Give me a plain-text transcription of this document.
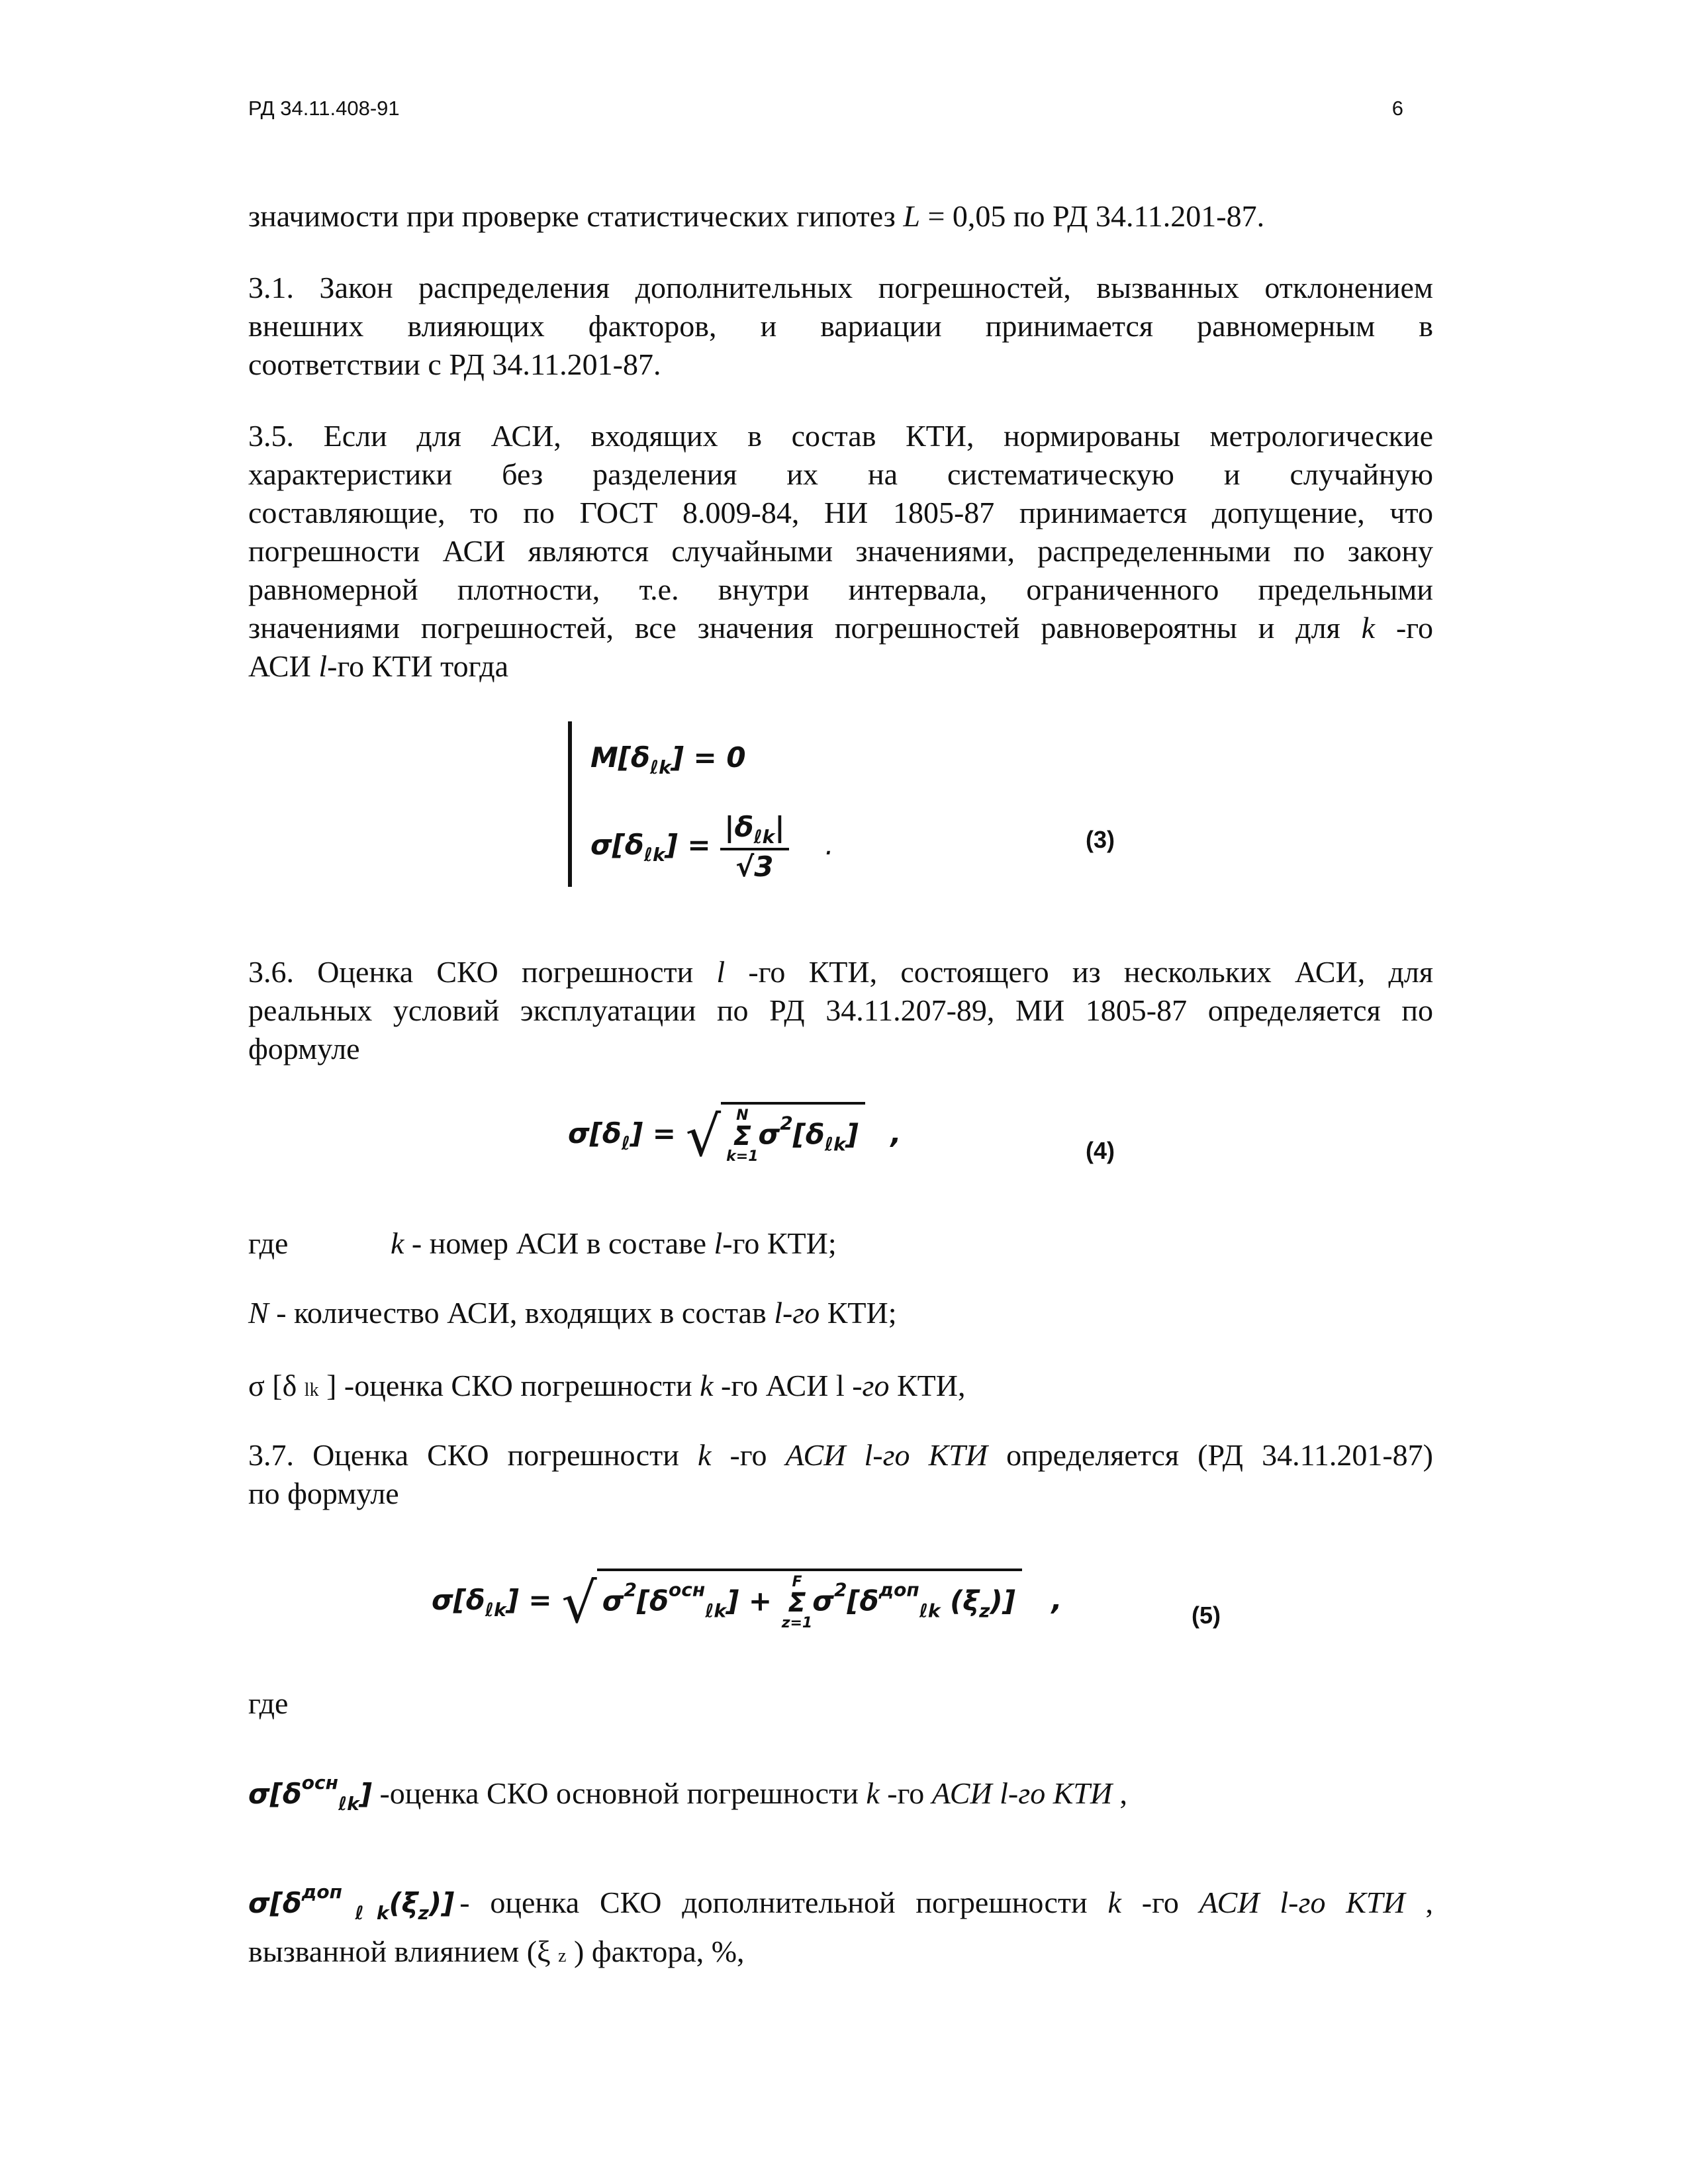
РД 34.11.408-91	6
значимости при проверке статистических гипотез L = 0,05 по РД 34.11.201-87.
3.1. Закон распределения дополнительных погрешностей, вызванных отклонением
внешних влияющих факторов, и вариации принимается равномерным в
соответствии с РД 34.11.201-87.
3.5. Если для АСИ, входящих в состав КТИ, нормированы метрологические
характеристики без разделения их на систематическую и случайную
составляющие, то по ГОСТ 8.009-84, НИ 1805-87 принимается допущение, что
погрешности АСИ являются случайными значениями, распределенными по закону
равномерной плотности, т.е. внутри интервала, ограниченного предельными
значениями погрешностей, все значения погрешностей равновероятны и для k -го
АСИ l-го КТИ тогда
$M[\delta_{\ell k}] = 0$
$\sigma[\delta_{\ell k}] = \frac{|\delta_{\ell k}|}{√3}$ .	(3)
3.6. Оценка СКО погрешности l -го КТИ, состоящего из нескольких АСИ, для
реальных условий эксплуатации по РД 34.11.207-89, МИ 1805-87 определяется по
формуле
$\sigma[\delta_\ell]$ = √	N
Σ
k=1
$\sigma^2[\delta_{\ell k}]$ ,
(4)
где	k - номер АСИ в составе l-го КТИ;
N - количество АСИ, входящих в состав l-го КТИ;
σ [δ lk ] -оценка СКО погрешности k -го АСИ l -го КТИ,
3.7. Оценка СКО погрешности k -го АСИ l-го КТИ определяется (РД 34.11.201-87)
по формуле
$\sigma[\delta_{\ell k}]$ = √ $\sigma^2[\delta^{осн}_{\ell k}]$ +
F
Σ
z=1
$\sigma^2[\delta^{доп}_{\ell k}$ $(\xi_z)$] ,	(5)
где
$\sigma[\delta^{осн}_{\ell k}]$ -оценка СКО основной погрешности k -го АСИ l-го КТИ ,
$\sigma[\delta^{доп}_{\ell k}(\xi_z)]$ - оценка СКО дополнительной погрешности k -го АСИ l-го КТИ ,
вызванной влиянием (ξ z ) фактора, %,
